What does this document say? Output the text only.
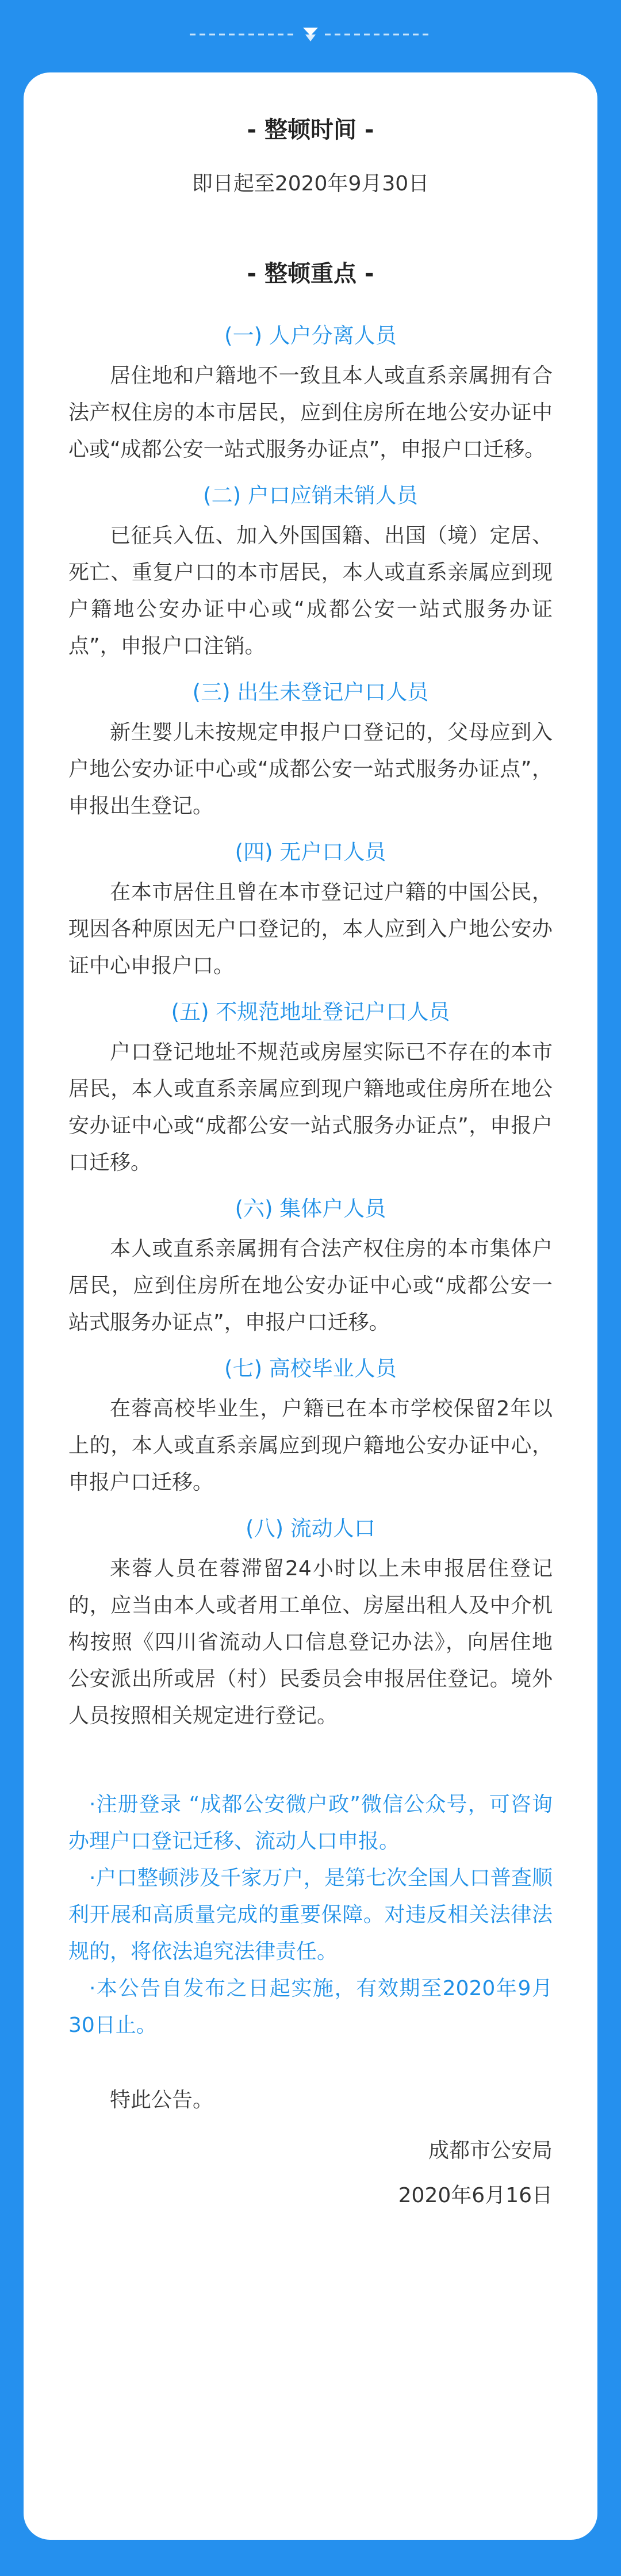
- 整顿时间 -

即日起至2020年9月30日

- 整顿重点 -
(一) 人户分离人员

居住地和户籍地不一致且本人或直系亲属拥有合法产权住房的本市居民，应到住房所在地公安办证中心或“成都公安一站式服务办证点”，申报户口迁移。

(二) 户口应销未销人员

已征兵入伍、加入外国国籍、出国（境）定居、死亡、重复户口的本市居民，本人或直系亲属应到现户籍地公安办证中心或“成都公安一站式服务办证点”，申报户口注销。

(三) 出生未登记户口人员

新生婴儿未按规定申报户口登记的，父母应到入户地公安办证中心或“成都公安一站式服务办证点”，申报出生登记。

(四) 无户口人员

在本市居住且曾在本市登记过户籍的中国公民，现因各种原因无户口登记的，本人应到入户地公安办证中心申报户口。

(五) 不规范地址登记户口人员

户口登记地址不规范或房屋实际已不存在的本市居民，本人或直系亲属应到现户籍地或住房所在地公安办证中心或“成都公安一站式服务办证点”，申报户口迁移。

(六) 集体户人员

本人或直系亲属拥有合法产权住房的本市集体户居民，应到住房所在地公安办证中心或“成都公安一站式服务办证点”，申报户口迁移。

(七) 高校毕业人员

在蓉高校毕业生，户籍已在本市学校保留2年以上的，本人或直系亲属应到现户籍地公安办证中心，申报户口迁移。

(八) 流动人口

来蓉人员在蓉滞留24小时以上未申报居住登记的，应当由本人或者用工单位、房屋出租人及中介机构按照《四川省流动人口信息登记办法》，向居住地公安派出所或居（村）民委员会申报居住登记。境外人员按照相关规定进行登记。

·注册登录 “成都公安微户政”微信公众号，可咨询办理户口登记迁移、流动人口申报。

·户口整顿涉及千家万户，是第七次全国人口普查顺利开展和高质量完成的重要保障。对违反相关法律法规的，将依法追究法律责任。

·本公告自发布之日起实施，有效期至2020年9月30日止。

特此公告。

成都市公安局

2020年6月16日
